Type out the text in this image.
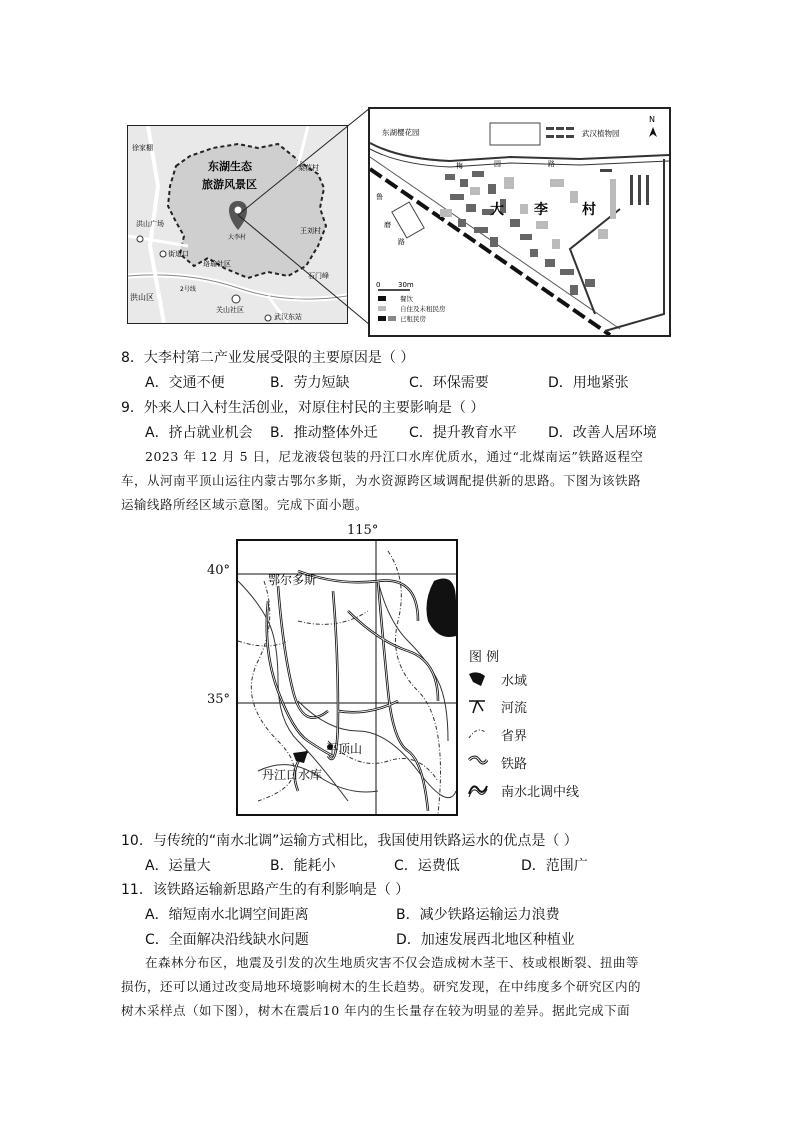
徐家棚
东湖生态
旅游风景区
大李村
梨花村
洪山广场
街道口
珞瑜社区
王刘村
石门峰
2号线
洪山区
关山社区
武汉东站
N
东湖樱花园	武汉植物园
梅	园	路
鲁
磨
路
大 李 村
0	30m
餐饮
自住及未租民房
已租民房
8．大李村第二产业发展受限的主要原因是（ ）
A．交通不便	B．劳力短缺	C．环保需要	D．用地紧张
9．外来人口入村生活创业，对原住村民的主要影响是（ ）
A．挤占就业机会 B．推动整体外迁 C．提升教育水平 D．改善人居环境
2023 年 12 月 5 日，尼龙液袋包装的丹江口水库优质水，通过“北煤南运”铁路返程空
车，从河南平顶山运往内蒙古鄂尔多斯，为水资源跨区域调配提供新的思路。下图为该铁路
运输线路所经区域示意图。完成下面小题。
115°
40°
35°
鄂尔多斯
平顶山
丹江口水库
图 例
水域
河流
省界
铁路
南水北调中线
10．与传统的“南水北调”运输方式相比，我国使用铁路运水的优点是（ ）
A．运量大	B．能耗小	C．运费低	D．范围广
11．该铁路运输新思路产生的有利影响是（ ）
A．缩短南水北调空间距离	B．减少铁路运输运力浪费
C．全面解决沿线缺水问题	D．加速发展西北地区种植业
在森林分布区，地震及引发的次生地质灾害不仅会造成树木茎干、枝或根断裂、扭曲等
损伤，还可以通过改变局地环境影响树木的生长趋势。研究发现，在中纬度多个研究区内的
树木采样点（如下图），树木在震后10 年内的生长量存在较为明显的差异。据此完成下面
